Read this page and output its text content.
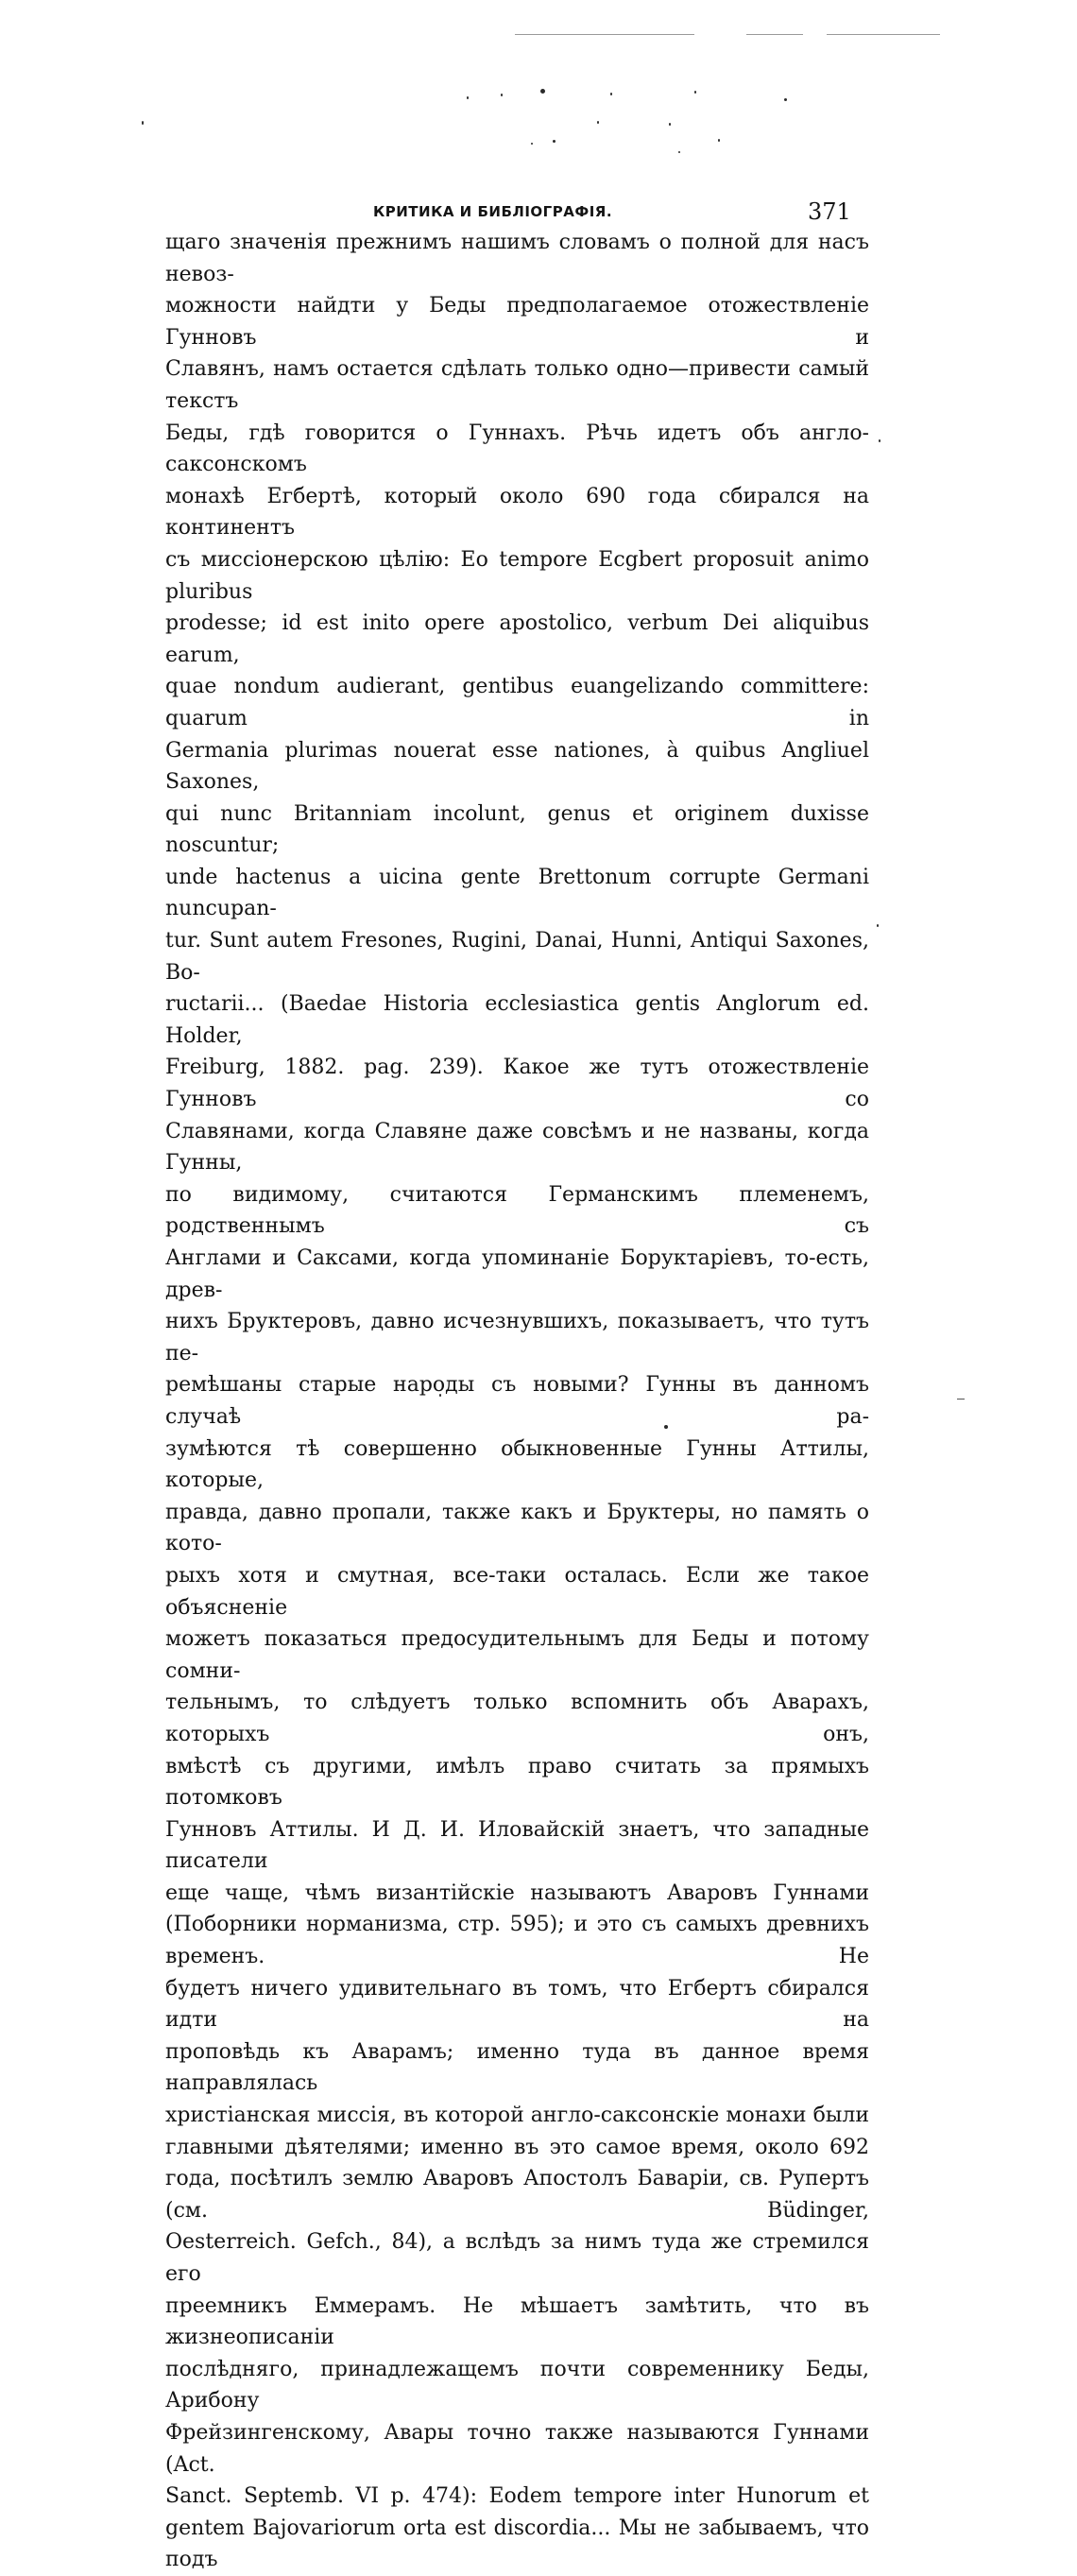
КРИТИКА И БИБЛІОГРАФІЯ.	371
щаго значенія прежнимъ нашимъ словамъ о полной для насъ невоз-
можности найдти у Беды предполагаемое отожествленіе Гунновъ и
Славянъ, намъ остается сдѣлать только одно—привести самый текстъ
Беды, гдѣ говорится о Гуннахъ. Рѣчь идетъ объ англо-саксонскомъ
монахѣ Егбертѣ, который около 690 года сбирался на континентъ
съ миссіонерскою цѣлію: Eo tempore Ecgbert proposuit animo pluribus
prodesse; id est inito opere apostolico, verbum Dei aliquibus earum,
quae nondum audierant, gentibus euangelizando committere: quarum in
Germania plurimas nouerat esse nationes, à quibus Angliuel Saxones,
qui nunc Britanniam incolunt, genus et originem duxisse noscuntur;
unde hactenus a uicina gente Brettonum corrupte Germani nuncupan-
tur. Sunt autem Fresones, Rugini, Danai, Hunni, Antiqui Saxones, Bo-
ructarii... (Baedae Historia ecclesiastica gentis Anglorum ed. Holder,
Freiburg, 1882. pag. 239). Какое же тутъ отожествленіе Гунновъ со
Славянами, когда Славяне даже совсѣмъ и не названы, когда Гунны,
по видимому, считаются Германскимъ племенемъ, родственнымъ съ
Англами и Саксами, когда упоминаніе Боруктаріевъ, то-есть, древ-
нихъ Бруктеровъ, давно исчезнувшихъ, показываетъ, что тутъ пе-
ремѣшаны старые народы съ новыми? Гунны въ данномъ случаѣ ра-
зумѣются тѣ совершенно обыкновенные Гунны Аттилы, которые,
правда, давно пропали, также какъ и Бруктеры, но память о кото-
рыхъ хотя и смутная, все-таки осталась. Если же такое объясненіе
можетъ показаться предосудительнымъ для Беды и потому сомни-
тельнымъ, то слѣдуетъ только вспомнить объ Аварахъ, которыхъ онъ,
вмѣстѣ съ другими, имѣлъ право считать за прямыхъ потомковъ
Гунновъ Аттилы. И Д. И. Иловайскій знаетъ, что западные писатели
еще чаще, чѣмъ византійскіе называютъ Аваровъ Гуннами (Поборники норманизма, стр. 595); и это съ самыхъ древнихъ временъ. Не
будетъ ничего удивительнаго въ томъ, что Егбертъ сбирался идти на
проповѣдь къ Аварамъ; именно туда въ данное время направлялась
христіанская миссія, въ которой англо-саксонскіе монахи были главными дѣятелями; именно въ это самое время, около 692 года, посѣтилъ землю Аваровъ Апостолъ Баваріи, св. Рупертъ (см. Büdinger,
Oesterreich. Gefch., 84), а вслѣдъ за нимъ туда же стремился его
преемникъ Еммерамъ. Не мѣшаетъ замѣтить, что въ жизнеописаніи
послѣдняго, принадлежащемъ почти современнику Беды, Арибону
Фрейзингенскому, Авары точно также называются Гуннами (Act.
Sanct. Septemb. VI p. 474): Eodem tempore inter Hunorum et
gentem Bajovariorum orta est discordia... Мы не забываемъ, что подъ
